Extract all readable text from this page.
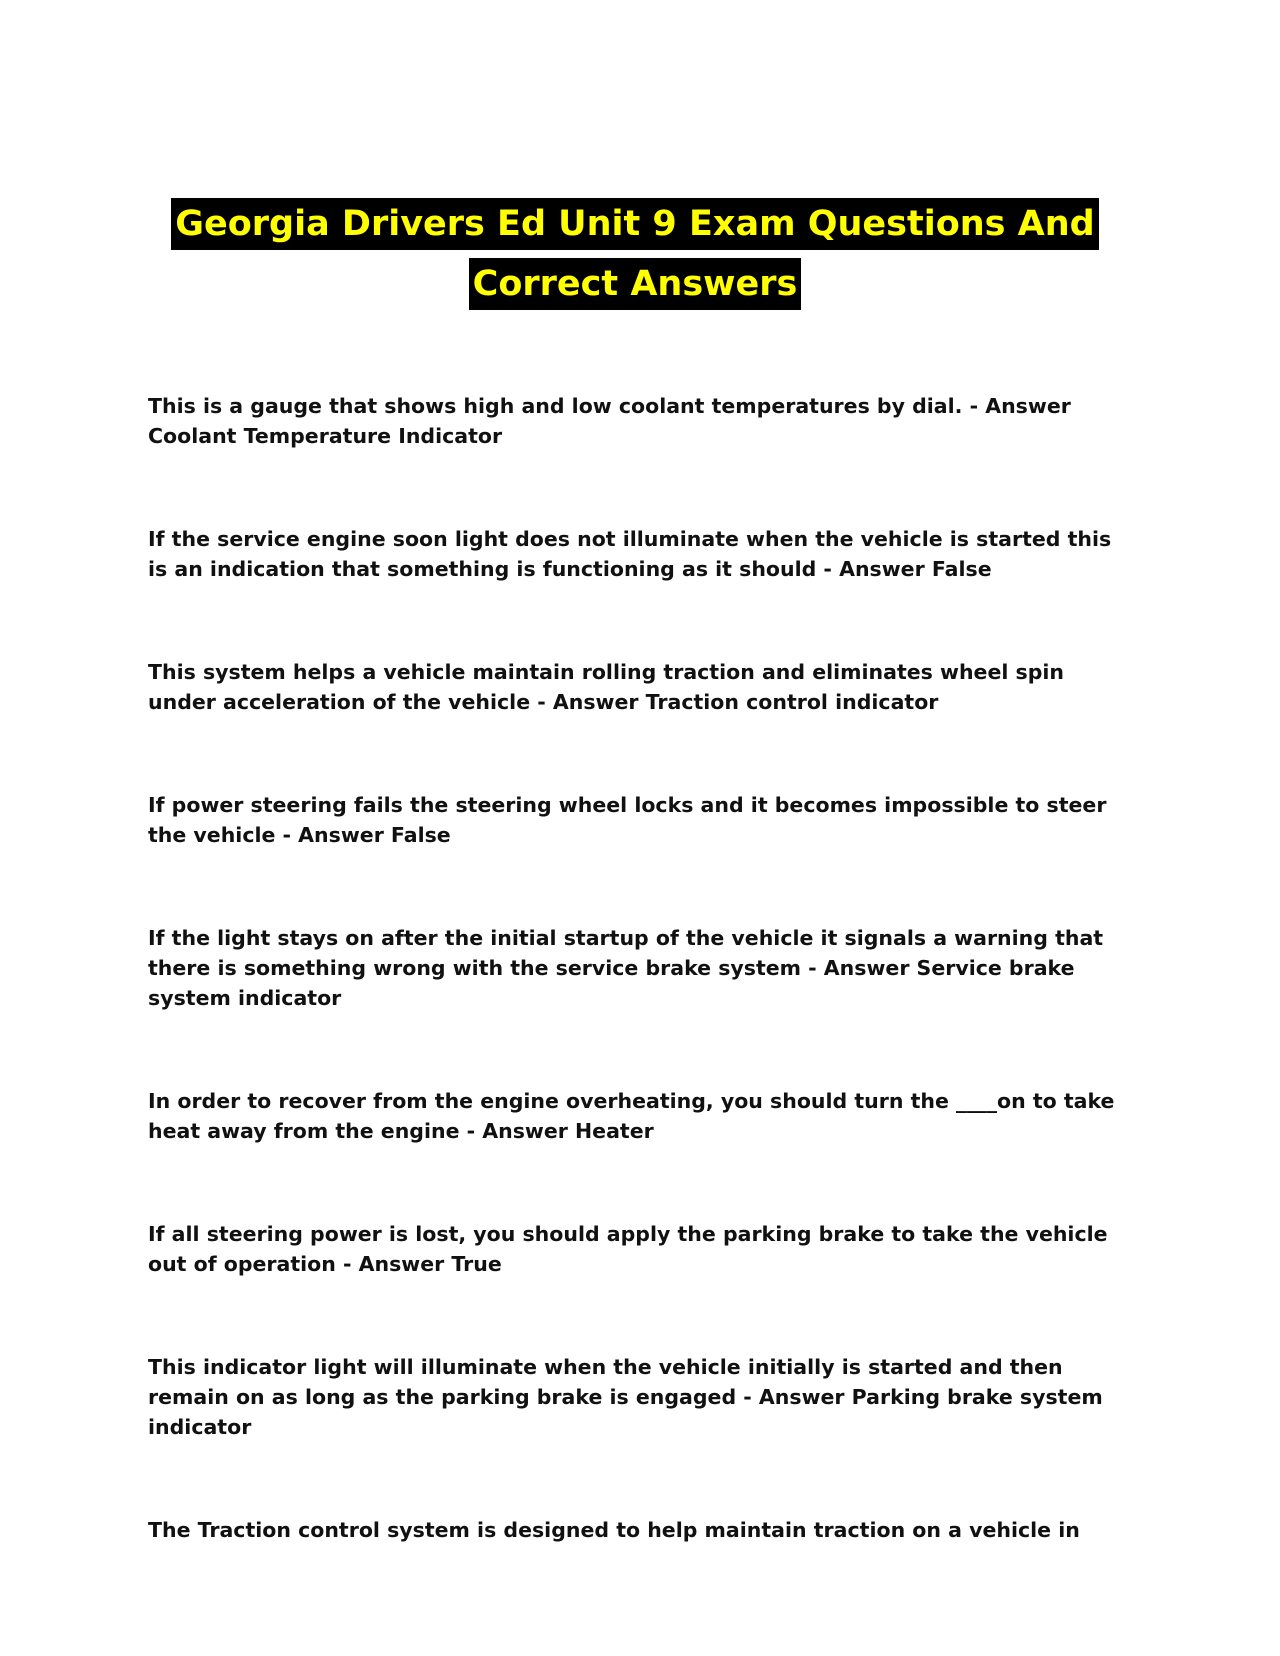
Georgia Drivers Ed Unit 9 Exam Questions And
Correct Answers

This is a gauge that shows high and low coolant temperatures by dial. - Answer Coolant Temperature Indicator

If the service engine soon light does not illuminate when the vehicle is started this is an indication that something is functioning as it should - Answer False

This system helps a vehicle maintain rolling traction and eliminates wheel spin under acceleration of the vehicle - Answer Traction control indicator

If power steering fails the steering wheel locks and it becomes impossible to steer the vehicle - Answer False

If the light stays on after the initial startup of the vehicle it signals a warning that there is something wrong with the service brake system - Answer Service brake system indicator

In order to recover from the engine overheating, you should turn the ____on to take heat away from the engine - Answer Heater

If all steering power is lost, you should apply the parking brake to take the vehicle out of operation - Answer True

This indicator light will illuminate when the vehicle initially is started and then remain on as long as the parking brake is engaged - Answer Parking brake system indicator

The Traction control system is designed to help maintain traction on a vehicle in
